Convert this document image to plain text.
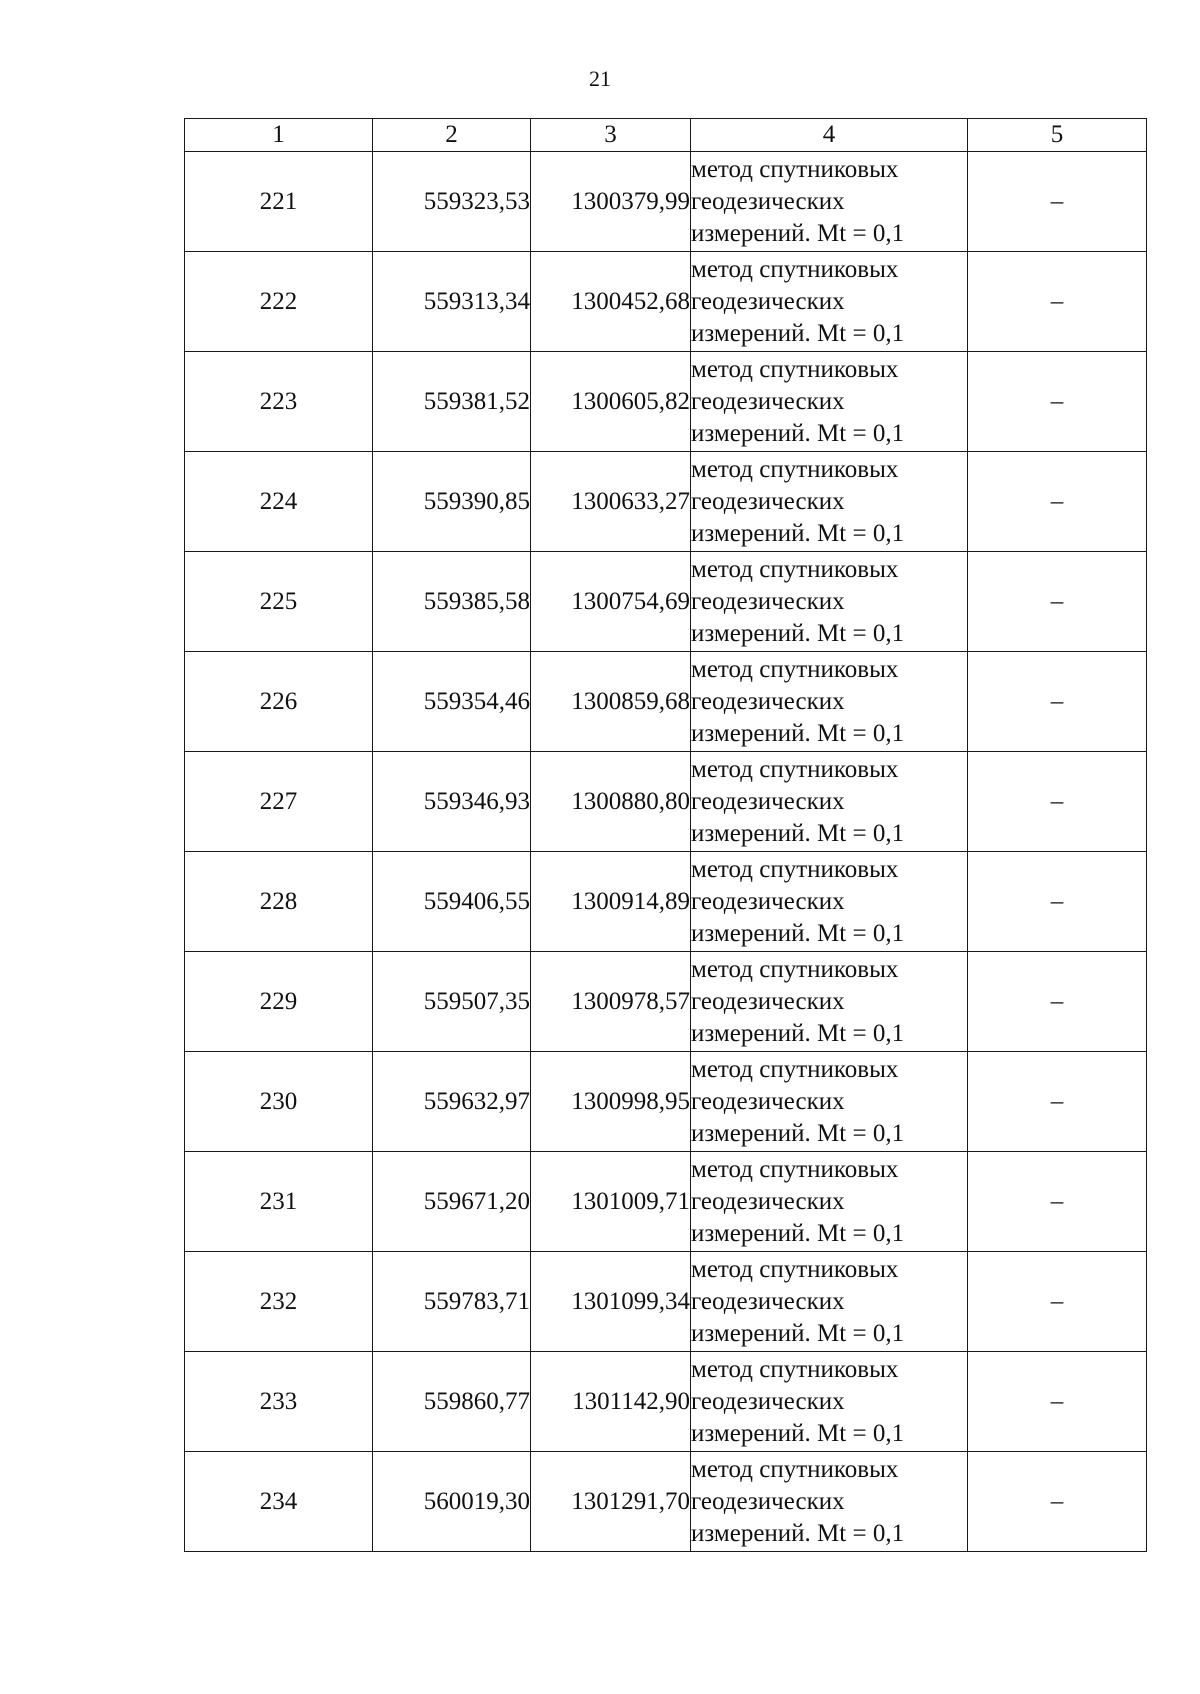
21
1	2	3	4	5
221	559323,53	1300379,99	метод спутниковых геодезических измерений. Mt = 0,1	–
222	559313,34	1300452,68	метод спутниковых геодезических измерений. Mt = 0,1	–
223	559381,52	1300605,82	метод спутниковых геодезических измерений. Mt = 0,1	–
224	559390,85	1300633,27	метод спутниковых геодезических измерений. Mt = 0,1	–
225	559385,58	1300754,69	метод спутниковых геодезических измерений. Mt = 0,1	–
226	559354,46	1300859,68	метод спутниковых геодезических измерений. Mt = 0,1	–
227	559346,93	1300880,80	метод спутниковых геодезических измерений. Mt = 0,1	–
228	559406,55	1300914,89	метод спутниковых геодезических измерений. Mt = 0,1	–
229	559507,35	1300978,57	метод спутниковых геодезических измерений. Mt = 0,1	–
230	559632,97	1300998,95	метод спутниковых геодезических измерений. Mt = 0,1	–
231	559671,20	1301009,71	метод спутниковых геодезических измерений. Mt = 0,1	–
232	559783,71	1301099,34	метод спутниковых геодезических измерений. Mt = 0,1	–
233	559860,77	1301142,90	метод спутниковых геодезических измерений. Mt = 0,1	–
234	560019,30	1301291,70	метод спутниковых геодезических измерений. Mt = 0,1	–
